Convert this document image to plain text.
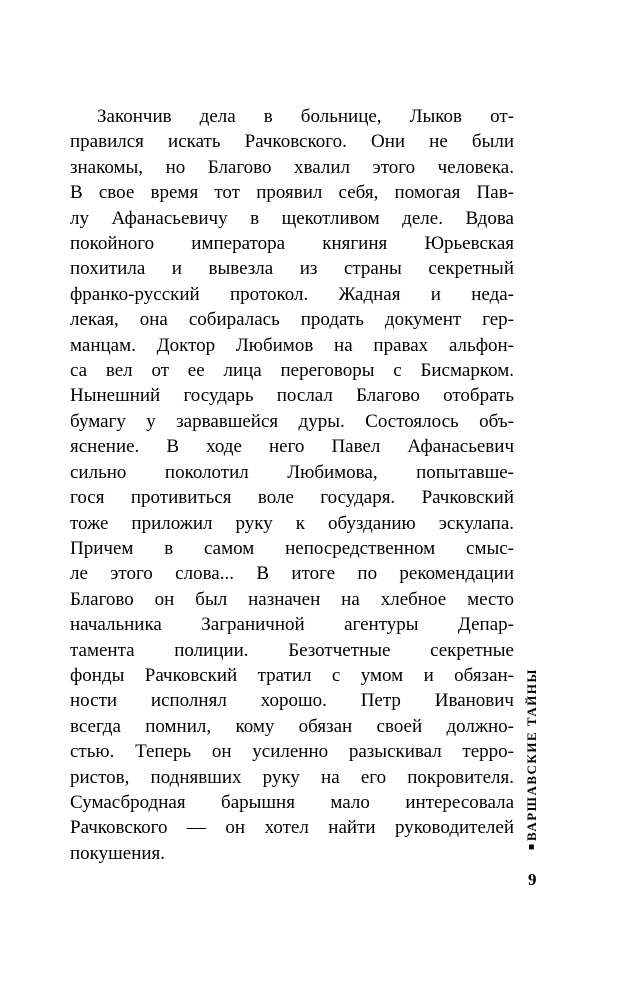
Закончив дела в больнице, Лыков от-
правился искать Рачковского. Они не были
знакомы, но Благово хвалил этого человека.
В свое время тот проявил себя, помогая Пав-
лу Афанасьевичу в щекотливом деле. Вдова
покойного императора княгиня Юрьевская
похитила и вывезла из страны секретный
франко-русский протокол. Жадная и неда-
лекая, она собиралась продать документ гер-
манцам. Доктор Любимов на правах альфон-
са вел от ее лица переговоры с Бисмарком.
Нынешний государь послал Благово отобрать
бумагу у зарвавшейся дуры. Состоялось объ-
яснение. В ходе него Павел Афанасьевич
сильно поколотил Любимова, попытавше-
гося противиться воле государя. Рачковский
тоже приложил руку к обузданию эскулапа.
Причем в самом непосредственном смыс-
ле этого слова... В итоге по рекомендации
Благово он был назначен на хлебное место
начальника Заграничной агентуры Депар-
тамента полиции. Безотчетные секретные
фонды Рачковский тратил с умом и обязан-
ности исполнял хорошо. Петр Иванович
всегда помнил, кому обязан своей должно-
стью. Теперь он усиленно разыскивал терро-
ристов, поднявших руку на его покровителя.
Сумасбродная барышня мало интересовала
Рачковского — он хотел найти руководителей
покушения.	■ВАРШАВСКИЕ ТАЙНЫ
9
